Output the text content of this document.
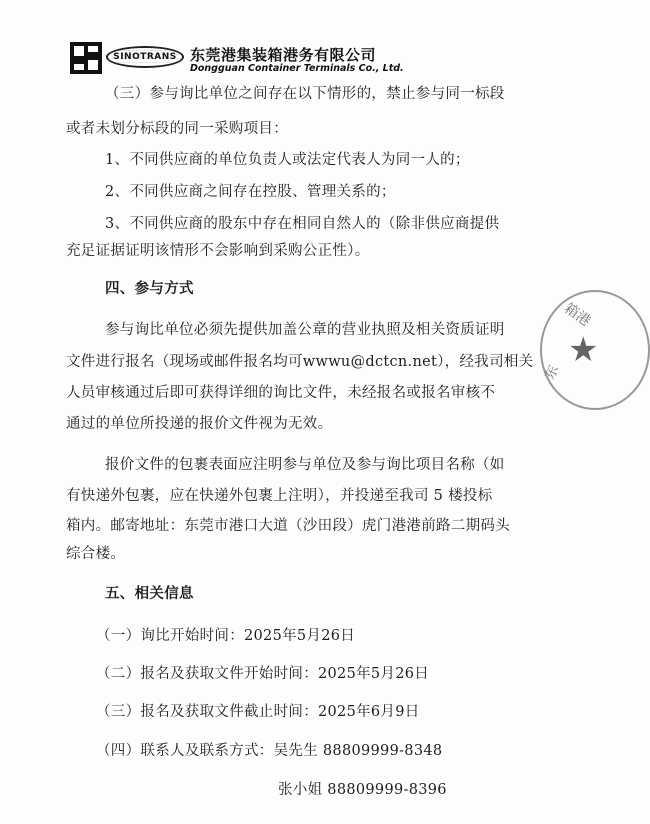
SINOTRANS 东莞港集装箱港务有限公司
Dongguan Container Terminals Co., Ltd.
（三）参与询比单位之间存在以下情形的，禁止参与同一标段
或者未划分标段的同一采购项目：
1、不同供应商的单位负责人或法定代表人为同一人的；
2、不同供应商之间存在控股、管理关系的；
3、不同供应商的股东中存在相同自然人的（除非供应商提供
充足证据证明该情形不会影响到采购公正性）。
四、参与方式
参与询比单位必须先提供加盖公章的营业执照及相关资质证明
文件进行报名（现场或邮件报名均可wwwu@dctcn.net），经我司相关
人员审核通过后即可获得详细的询比文件，未经报名或报名审核不
通过的单位所投递的报价文件视为无效。
报价文件的包裹表面应注明参与单位及参与询比项目名称（如
有快递外包裹，应在快递外包裹上注明），并投递至我司 5 楼投标
箱内。邮寄地址：东莞市港口大道（沙田段）虎门港港前路二期码头
综合楼。
五、相关信息
（一）询比开始时间：2025年5月26日
（二）报名及获取文件开始时间：2025年5月26日
（三）报名及获取文件截止时间：2025年6月9日
（四）联系人及联系方式：吴先生 88809999-8348
张小姐 88809999-8396
箱港
东
★
